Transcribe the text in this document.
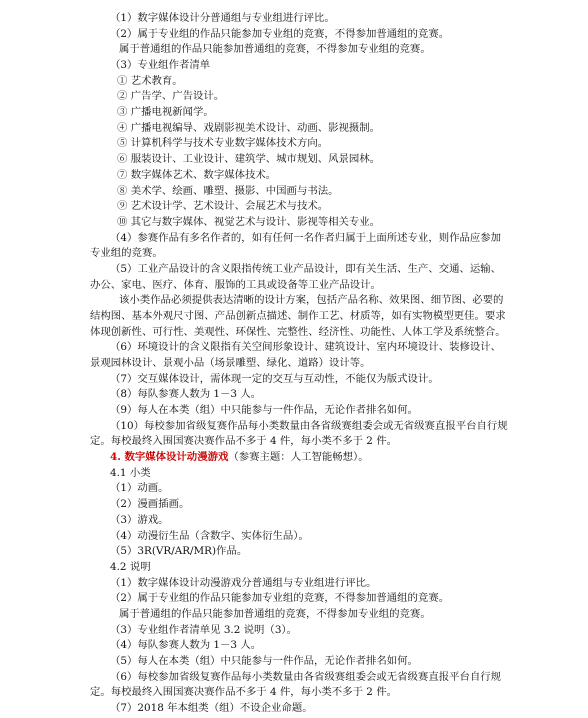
（1）数字媒体设计分普通组与专业组进行评比。
（2）属于专业组的作品只能参加专业组的竞赛，不得参加普通组的竞赛。
属于普通组的作品只能参加普通组的竞赛，不得参加专业组的竞赛。
（3）专业组作者清单
① 艺术教育。
② 广告学、广告设计。
③ 广播电视新闻学。
④ 广播电视编导、戏剧影视美术设计、动画、影视摄制。
⑤ 计算机科学与技术专业数字媒体技术方向。
⑥ 服装设计、工业设计、建筑学、城市规划、风景园林。
⑦ 数字媒体艺术、数字媒体技术。
⑧ 美术学、绘画、雕塑、摄影、中国画与书法。
⑨ 艺术设计学、艺术设计、会展艺术与技术。
⑩ 其它与数字媒体、视觉艺术与设计、影视等相关专业。
（4）参赛作品有多名作者的，如有任何一名作者归属于上面所述专业，则作品应参加
专业组的竞赛。
（5）工业产品设计的含义限指传统工业产品设计，即有关生活、生产、交通、运输、
办公、家电、医疗、体育、服饰的工具或设备等工业产品设计。
该小类作品必须提供表达清晰的设计方案，包括产品名称、效果图、细节图、必要的
结构图、基本外观尺寸图、产品创新点描述、制作工艺、材质等，如有实物模型更佳。要求
体现创新性、可行性、美观性、环保性、完整性、经济性、功能性、人体工学及系统整合。
（6）环境设计的含义限指有关空间形象设计、建筑设计、室内环境设计、装修设计、
景观园林设计、景观小品（场景雕塑、绿化、道路）设计等。
（7）交互媒体设计，需体现一定的交互与互动性，不能仅为版式设计。
（8）每队参赛人数为 1－3 人。
（9）每人在本类（组）中只能参与一件作品，无论作者排名如何。
（10）每校参加省级复赛作品每小类数量由各省级赛组委会或无省级赛直报平台自行规
定。每校最终入围国赛决赛作品不多于 4 件，每小类不多于 2 件。
4. 数字媒体设计动漫游戏（参赛主题：人工智能畅想）。
4.1 小类
（1）动画。
（2）漫画插画。
（3）游戏。
（4）动漫衍生品（含数字、实体衍生品）。
（5）3R(VR/AR/MR)作品。
4.2 说明
（1）数字媒体设计动漫游戏分普通组与专业组进行评比。
（2）属于专业组的作品只能参加专业组的竞赛，不得参加普通组的竞赛。
属于普通组的作品只能参加普通组的竞赛，不得参加专业组的竞赛。
（3）专业组作者清单见 3.2 说明（3）。
（4）每队参赛人数为 1－3 人。
（5）每人在本类（组）中只能参与一件作品，无论作者排名如何。
（6）每校参加省级复赛作品每小类数量由各省级赛组委会或无省级赛直报平台自行规
定。每校最终入围国赛决赛作品不多于 4 件，每小类不多于 2 件。
（7）2018 年本组类（组）不设企业命题。
